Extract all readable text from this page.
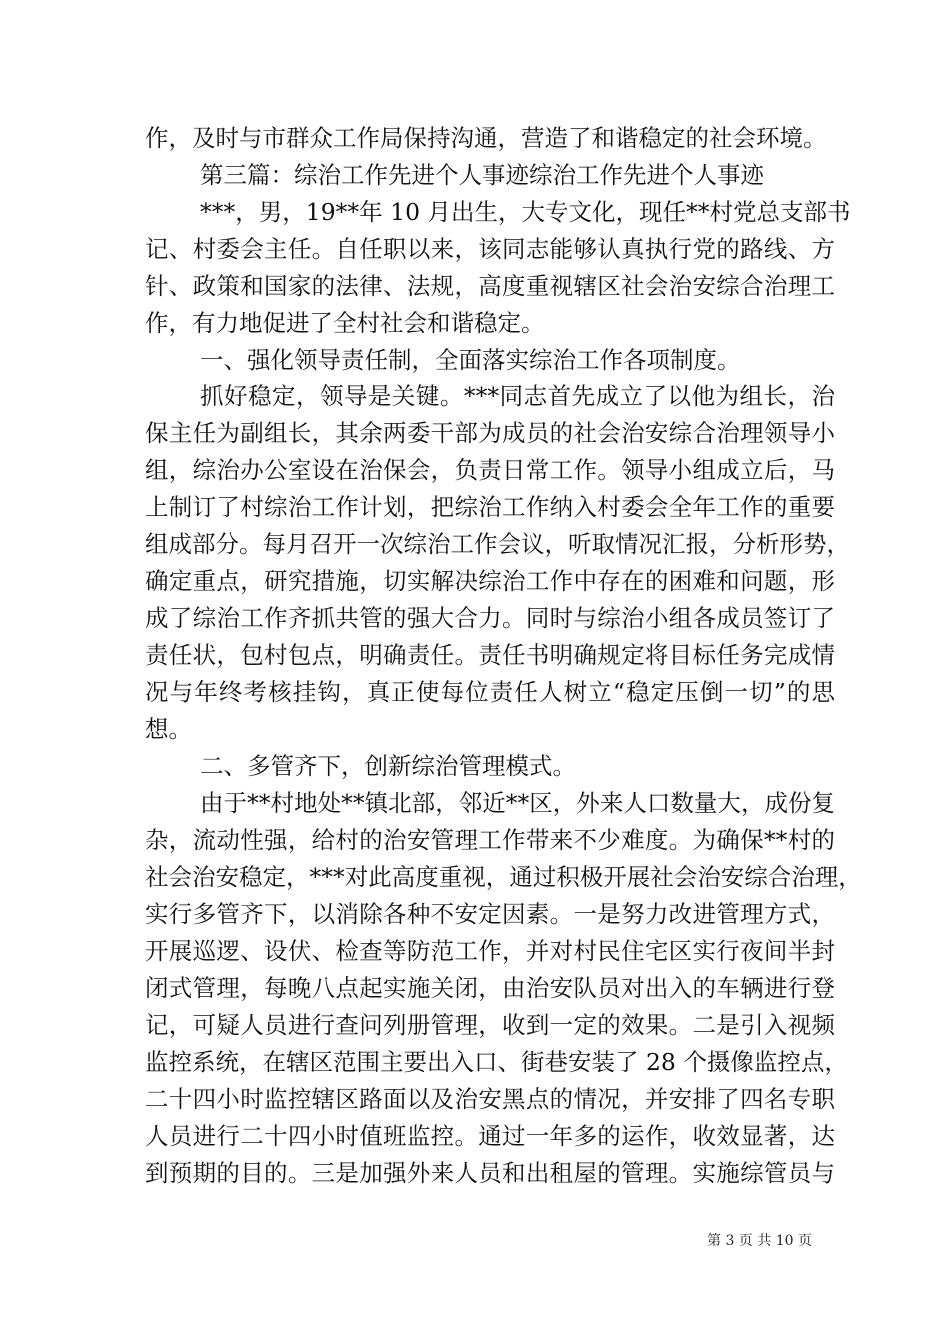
作，及时与市群众工作局保持沟通，营造了和谐稳定的社会环境。
第三篇：综治工作先进个人事迹综治工作先进个人事迹
***，男，19**年 10 月出生，大专文化，现任**村党总支部书
记、村委会主任。自任职以来，该同志能够认真执行党的路线、方
针、政策和国家的法律、法规，高度重视辖区社会治安综合治理工
作，有力地促进了全村社会和谐稳定。
一、强化领导责任制，全面落实综治工作各项制度。
抓好稳定，领导是关键。***同志首先成立了以他为组长，治
保主任为副组长，其余两委干部为成员的社会治安综合治理领导小
组，综治办公室设在治保会，负责日常工作。领导小组成立后，马
上制订了村综治工作计划，把综治工作纳入村委会全年工作的重要
组成部分。每月召开一次综治工作会议，听取情况汇报，分析形势，
确定重点，研究措施，切实解决综治工作中存在的困难和问题，形
成了综治工作齐抓共管的强大合力。同时与综治小组各成员签订了
责任状，包村包点，明确责任。责任书明确规定将目标任务完成情
况与年终考核挂钩，真正使每位责任人树立“稳定压倒一切”的思
想。
二、多管齐下，创新综治管理模式。
由于**村地处**镇北部，邻近**区，外来人口数量大，成份复
杂，流动性强，给村的治安管理工作带来不少难度。为确保**村的
社会治安稳定，***对此高度重视，通过积极开展社会治安综合治理，
实行多管齐下，以消除各种不安定因素。一是努力改进管理方式，
开展巡逻、设伏、检查等防范工作，并对村民住宅区实行夜间半封
闭式管理，每晚八点起实施关闭，由治安队员对出入的车辆进行登
记，可疑人员进行查问列册管理，收到一定的效果。二是引入视频
监控系统，在辖区范围主要出入口、街巷安装了 28 个摄像监控点，
二十四小时监控辖区路面以及治安黑点的情况，并安排了四名专职
人员进行二十四小时值班监控。通过一年多的运作，收效显著，达
到预期的目的。三是加强外来人员和出租屋的管理。实施综管员与
第 3 页 共 10 页
